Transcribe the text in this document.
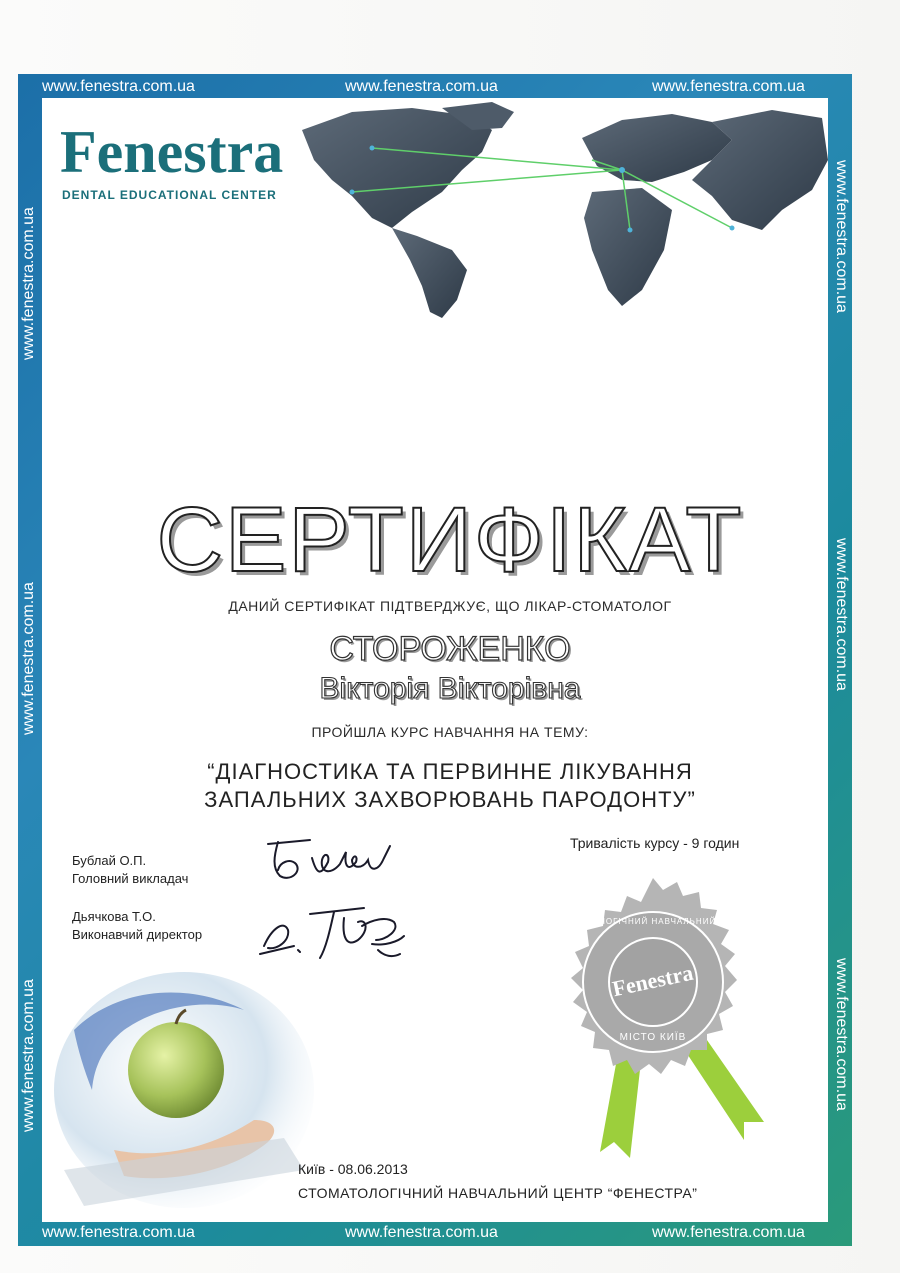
www.fenestra.com.ua	www.fenestra.com.ua	www.fenestra.com.ua
www.fenestra.com.ua	www.fenestra.com.ua	www.fenestra.com.ua
www.fenestra.com.ua
www.fenestra.com.ua
www.fenestra.com.ua
www.fenestra.com.ua
www.fenestra.com.ua
www.fenestra.com.ua
Fenestra
DENTAL EDUCATIONAL CENTER
СЕРТИФІКАТ
ДАНИЙ СЕРТИФІКАТ ПІДТВЕРДЖУЄ, ЩО ЛІКАР-СТОМАТОЛОГ
СТОРОЖЕНКО
Вікторія Вікторівна
ПРОЙШЛА КУРС НАВЧАННЯ НА ТЕМУ:
“ДІАГНОСТИКА ТА ПЕРВИННЕ ЛІКУВАННЯ
ЗАПАЛЬНИХ ЗАХВОРЮВАНЬ ПАРОДОНТУ”
Тривалість курсу - 9 годин
Бублай О.П.
Головний викладач
Дьячкова Т.О.
Виконавчий директор
Fenestra
СТОМАТОЛОГІЧНИЙ НАВЧАЛЬНИЙ ЦЕНТР
МІСТО КИЇВ
Київ - 08.06.2013
СТОМАТОЛОГІЧНИЙ НАВЧАЛЬНИЙ ЦЕНТР “ФЕНЕСТРА”
